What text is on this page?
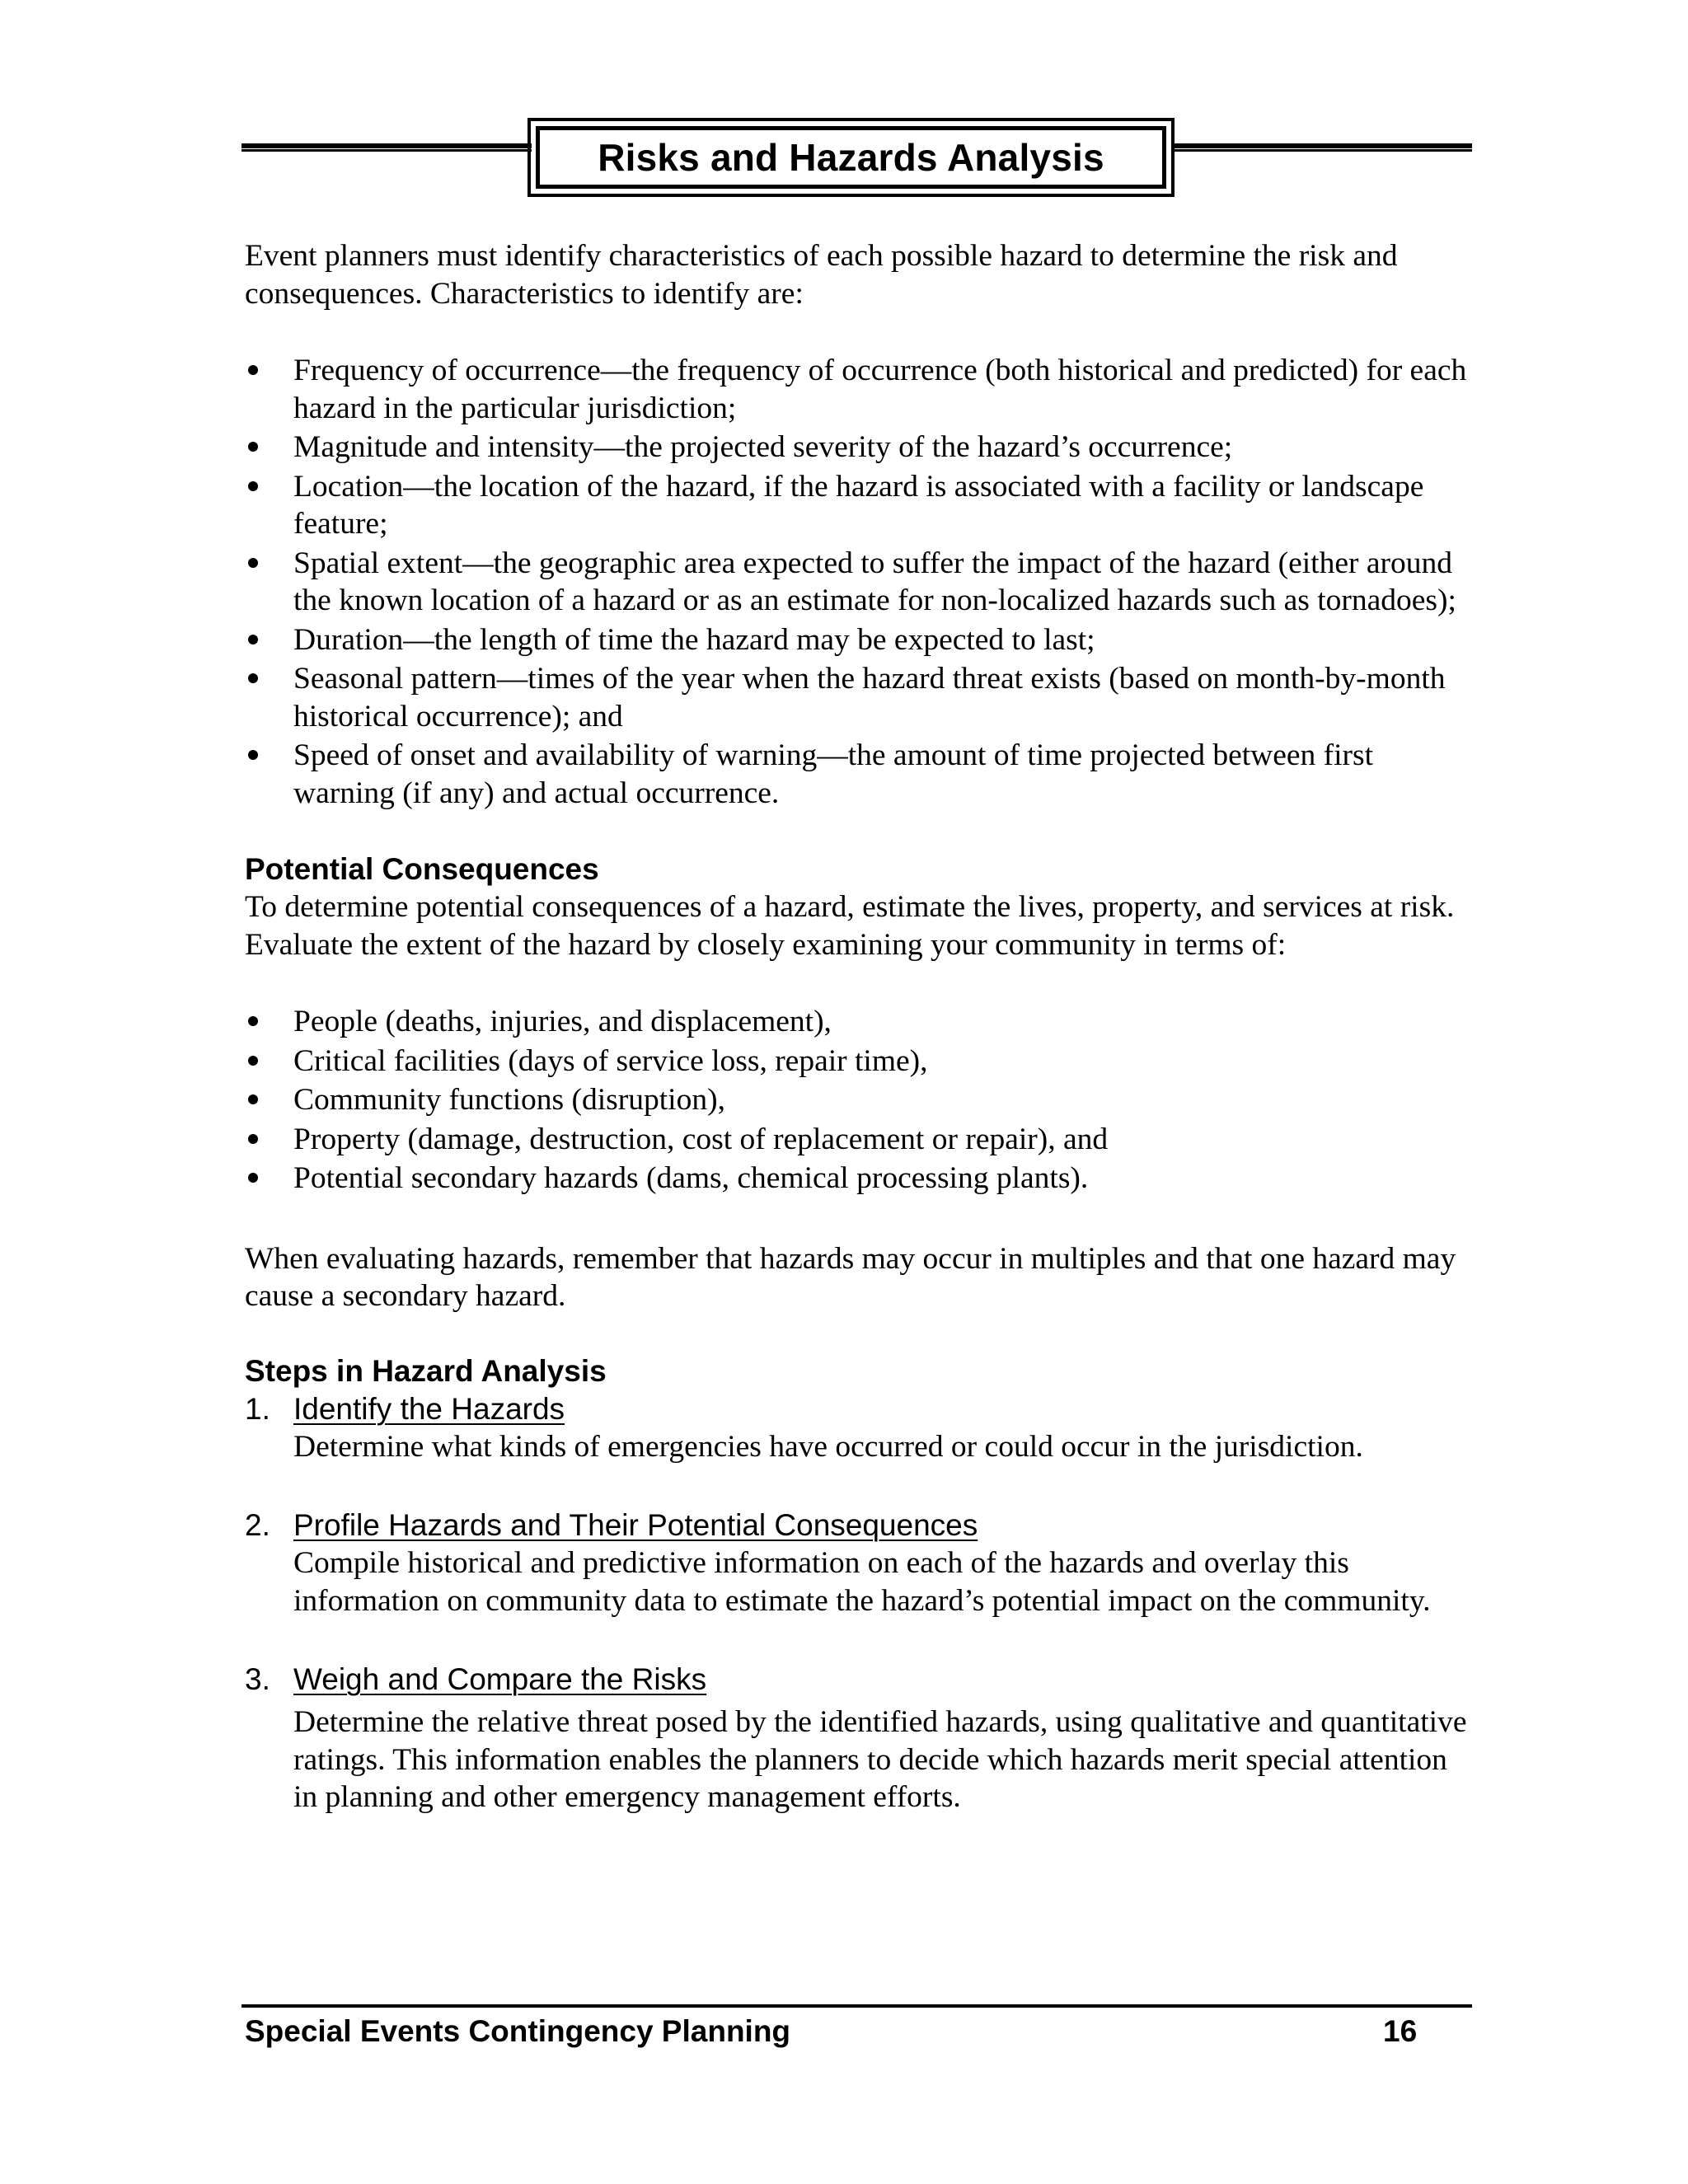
Risks and Hazards Analysis

Event planners must identify characteristics of each possible hazard to determine the risk and consequences. Characteristics to identify are:

Frequency of occurrence—the frequency of occurrence (both historical and predicted) for each hazard in the particular jurisdiction;
Magnitude and intensity—the projected severity of the hazard’s occurrence;
Location—the location of the hazard, if the hazard is associated with a facility or landscape feature;
Spatial extent—the geographic area expected to suffer the impact of the hazard (either around the known location of a hazard or as an estimate for non-localized hazards such as tornadoes);
Duration—the length of time the hazard may be expected to last;
Seasonal pattern—times of the year when the hazard threat exists (based on month-by-month historical occurrence); and
Speed of onset and availability of warning—the amount of time projected between first warning (if any) and actual occurrence.
Potential Consequences

To determine potential consequences of a hazard, estimate the lives, property, and services at risk. Evaluate the extent of the hazard by closely examining your community in terms of:

People (deaths, injuries, and displacement),
Critical facilities (days of service loss, repair time),
Community functions (disruption),
Property (damage, destruction, cost of replacement or repair), and
Potential secondary hazards (dams, chemical processing plants).

When evaluating hazards, remember that hazards may occur in multiples and that one hazard may cause a secondary hazard.

Steps in Hazard Analysis
1. Identify the Hazards

Determine what kinds of emergencies have occurred or could occur in the jurisdiction.

2. Profile Hazards and Their Potential Consequences

Compile historical and predictive information on each of the hazards and overlay this information on community data to estimate the hazard’s potential impact on the community.

3. Weigh and Compare the Risks

Determine the relative threat posed by the identified hazards, using qualitative and quantitative ratings. This information enables the planners to decide which hazards merit special attention in planning and other emergency management efforts.

Special Events Contingency Planning	16
